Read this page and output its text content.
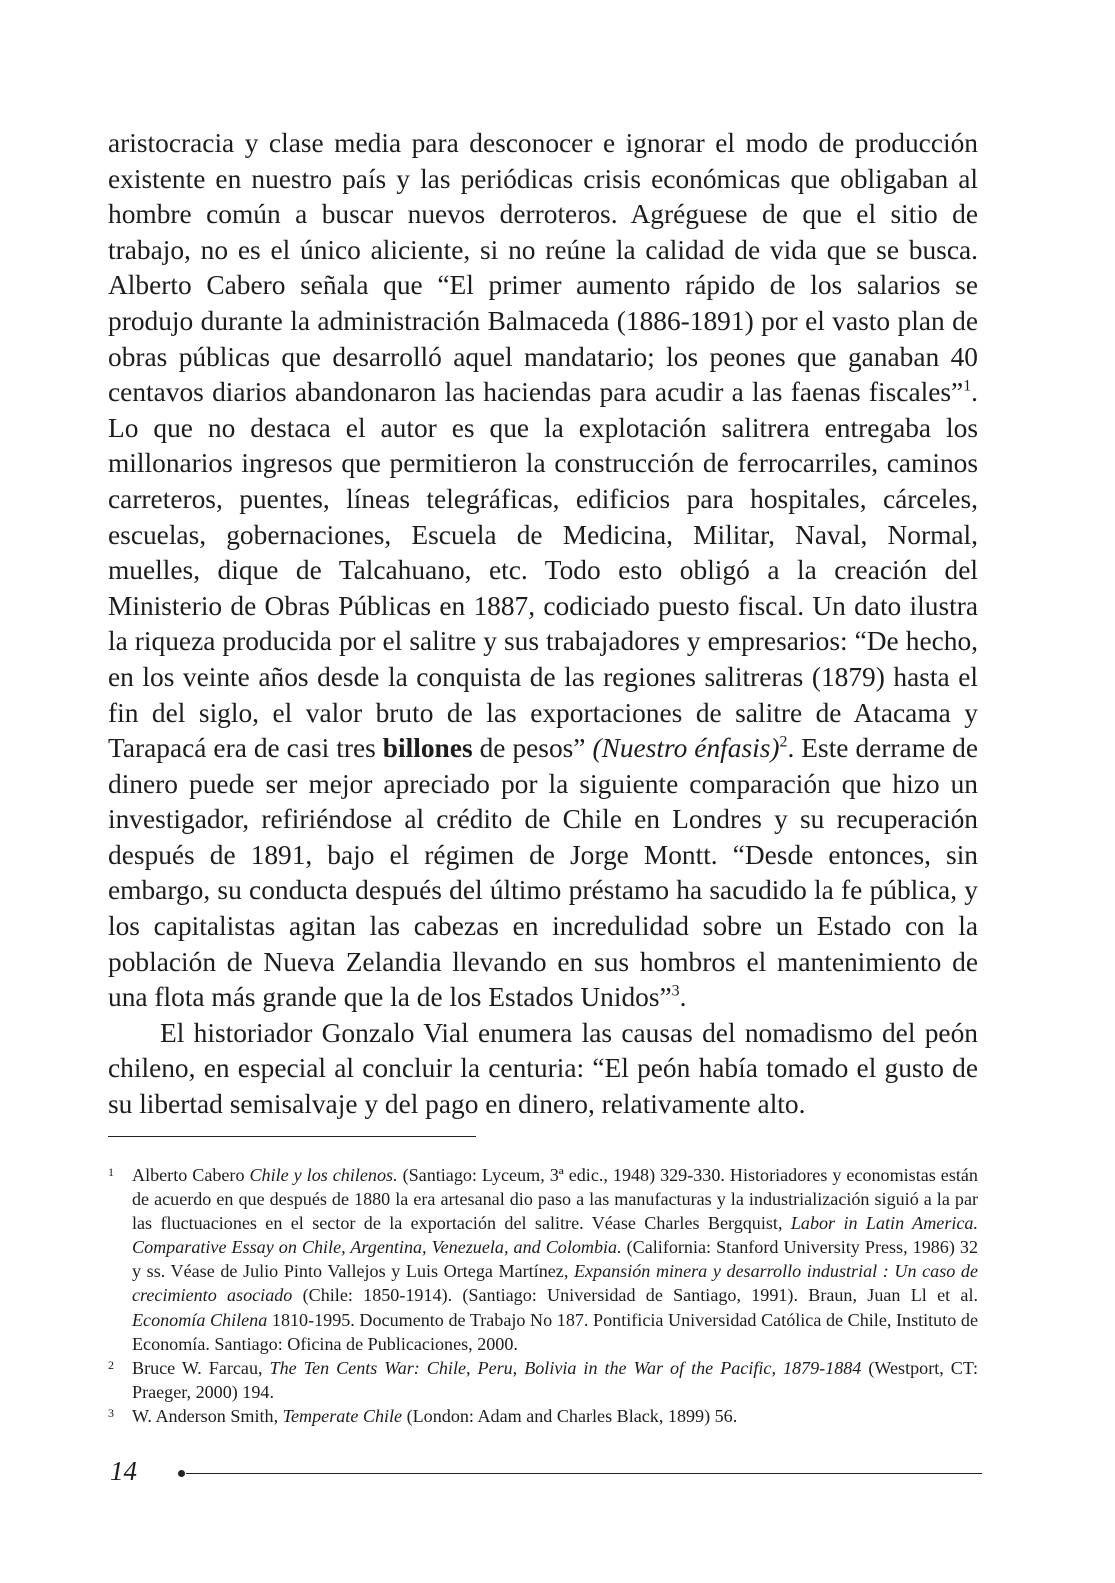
aristocracia y clase media para desconocer e ignorar el modo de producción existente en nuestro país y las periódicas crisis económicas que obligaban al hombre común a buscar nuevos derroteros. Agréguese de que el sitio de trabajo, no es el único aliciente, si no reúne la calidad de vida que se busca. Alberto Cabero señala que “El primer aumento rápido de los salarios se produjo durante la administración Balmaceda (1886-1891) por el vasto plan de obras públicas que desarrolló aquel mandatario; los peones que ganaban 40 centavos diarios abandonaron las haciendas para acudir a las faenas fiscales”$^1$. Lo que no destaca el autor es que la explotación salitrera entregaba los millonarios ingresos que permitieron la construcción de ferrocarriles, caminos carreteros, puentes, líneas telegráficas, edificios para hospitales, cárceles, escuelas, gobernaciones, Escuela de Medicina, Militar, Naval, Normal, muelles, dique de Talcahuano, etc. Todo esto obligó a la creación del Ministerio de Obras Públicas en 1887, codiciado puesto fiscal. Un dato ilustra la riqueza producida por el salitre y sus trabajadores y empresarios: “De hecho, en los veinte años desde la conquista de las regiones salitreras (1879) hasta el fin del siglo, el valor bruto de las exportaciones de salitre de Atacama y Tarapacá era de casi tres billones de pesos” (Nuestro énfasis)$^2$. Este derrame de dinero puede ser mejor apreciado por la siguiente comparación que hizo un investigador, refiriéndose al crédito de Chile en Londres y su recuperación después de 1891, bajo el régimen de Jorge Montt. “Desde entonces, sin embargo, su conducta después del último préstamo ha sacudido la fe pública, y los capitalistas agitan las cabezas en incredulidad sobre un Estado con la población de Nueva Zelandia llevando en sus hombros el mantenimiento de una flota más grande que la de los Estados Unidos”$^3$.

El historiador Gonzalo Vial enumera las causas del nomadismo del peón chileno, en especial al concluir la centuria: “El peón había tomado el gusto de su libertad semisalvaje y del pago en dinero, relativamente alto.

1 Alberto Cabero Chile y los chilenos. (Santiago: Lyceum, 3ª edic., 1948) 329-330. Historiadores y economistas están de acuerdo en que después de 1880 la era artesanal dio paso a las manufacturas y la industrialización siguió a la par las fluctuaciones en el sector de la exportación del salitre. Véase Charles Bergquist, Labor in Latin America. Comparative Essay on Chile, Argentina, Venezuela, and Colombia. (California: Stanford University Press, 1986) 32 y ss. Véase de Julio Pinto Vallejos y Luis Ortega Martínez, Expansión minera y desarrollo industrial : Un caso de crecimiento asociado (Chile: 1850-1914). (Santiago: Universidad de Santiago, 1991). Braun, Juan Ll et al. Economía Chilena 1810-1995. Documento de Trabajo No 187. Pontificia Universidad Católica de Chile, Instituto de Economía. Santiago: Oficina de Publicaciones, 2000.

2 Bruce W. Farcau, The Ten Cents War: Chile, Peru, Bolivia in the War of the Pacific, 1879-1884 (Westport, CT: Praeger, 2000) 194.

3 W. Anderson Smith, Temperate Chile (London: Adam and Charles Black, 1899) 56.

14
